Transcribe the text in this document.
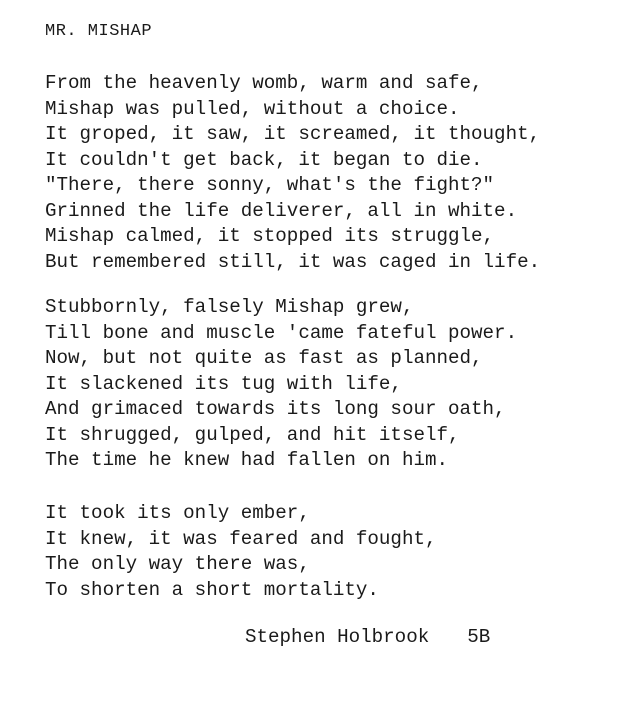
MR. MISHAP
From the heavenly womb, warm and safe,
Mishap was pulled, without a choice.
It groped, it saw, it screamed, it thought,
It couldn't get back, it began to die.
"There, there sonny, what's the fight?"
Grinned the life deliverer, all in white.
Mishap calmed, it stopped its struggle,
But remembered still, it was caged in life.
Stubbornly, falsely Mishap grew,
Till bone and muscle 'came fateful power.
Now, but not quite as fast as planned,
It slackened its tug with life,
And grimaced towards its long sour oath,
It shrugged, gulped, and hit itself,
The time he knew had fallen on him.
It took its only ember,
It knew, it was feared and fought,
The only way there was,
To shorten a short mortality.
Stephen Holbrook 5B
